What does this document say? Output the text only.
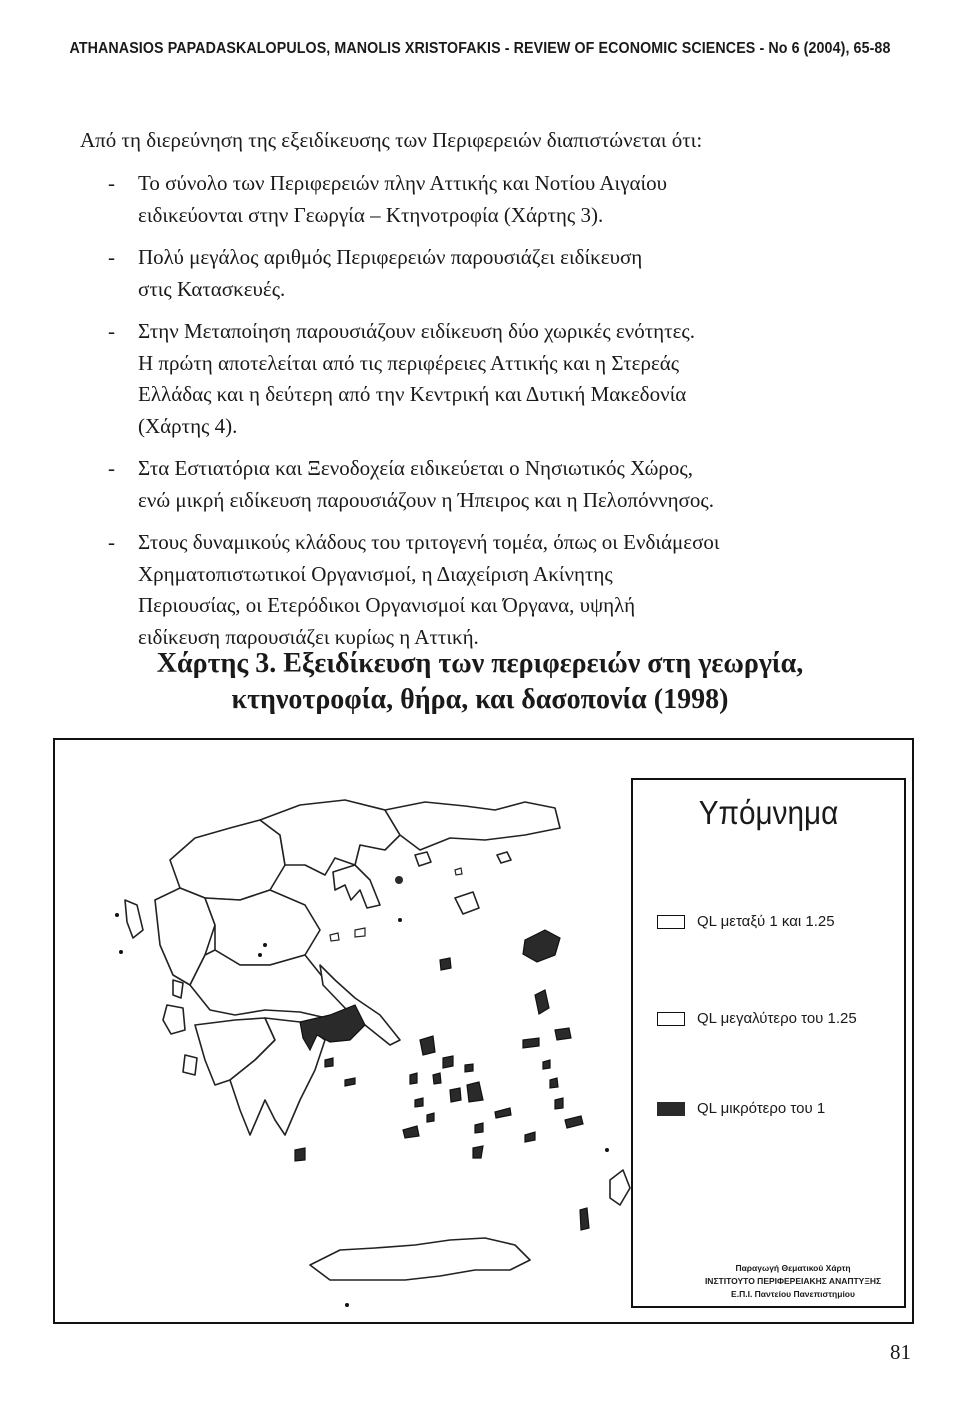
ATHANASIOS PAPADASKALOPULOS, MANOLIS XRISTOFAKIS - REVIEW OF ECONOMIC SCIENCES - No 6 (2004), 65-88
Από τη διερεύνηση της εξειδίκευσης των Περιφερειών διαπιστώνεται ότι:
- Το σύνολο των Περιφερειών πλην Αττικής και Νοτίου Αιγαίου
ειδικεύονται στην Γεωργία – Κτηνοτροφία (Χάρτης 3).
- Πολύ μεγάλος αριθμός Περιφερειών παρουσιάζει ειδίκευση
στις Κατασκευές.
- Στην Μεταποίηση παρουσιάζουν ειδίκευση δύο χωρικές ενότητες.
Η πρώτη αποτελείται από τις περιφέρειες Αττικής και η Στερεάς
Ελλάδας και η δεύτερη από την Κεντρική και Δυτική Μακεδονία
(Χάρτης 4).
- Στα Εστιατόρια και Ξενοδοχεία ειδικεύεται ο Νησιωτικός Χώρος,
ενώ μικρή ειδίκευση παρουσιάζουν η Ήπειρος και η Πελοπόννησος.
- Στους δυναμικούς κλάδους του τριτογενή τομέα, όπως οι Ενδιάμεσοι
Χρηματοπιστωτικοί Οργανισμοί, η Διαχείριση Ακίνητης
Περιουσίας, οι Ετερόδικοι Οργανισμοί και Όργανα, υψηλή
ειδίκευση παρουσιάζει κυρίως η Αττική.
Χάρτης 3. Εξειδίκευση των περιφερειών στη γεωργία,
κτηνοτροφία, θήρα, και δασοπονία (1998)
Υπόμνημα
QL μεταξύ 1 και 1.25
QL μεγαλύτερο του 1.25
QL μικρότερο του 1
Παραγωγή Θεματικού Χάρτη
ΙΝΣΤΙΤΟΥΤΟ ΠΕΡΙΦΕΡΕΙΑΚΗΣ ΑΝΑΠΤΥΞΗΣ
Ε.Π.Ι. Παντείου Πανεπιστημίου
81
